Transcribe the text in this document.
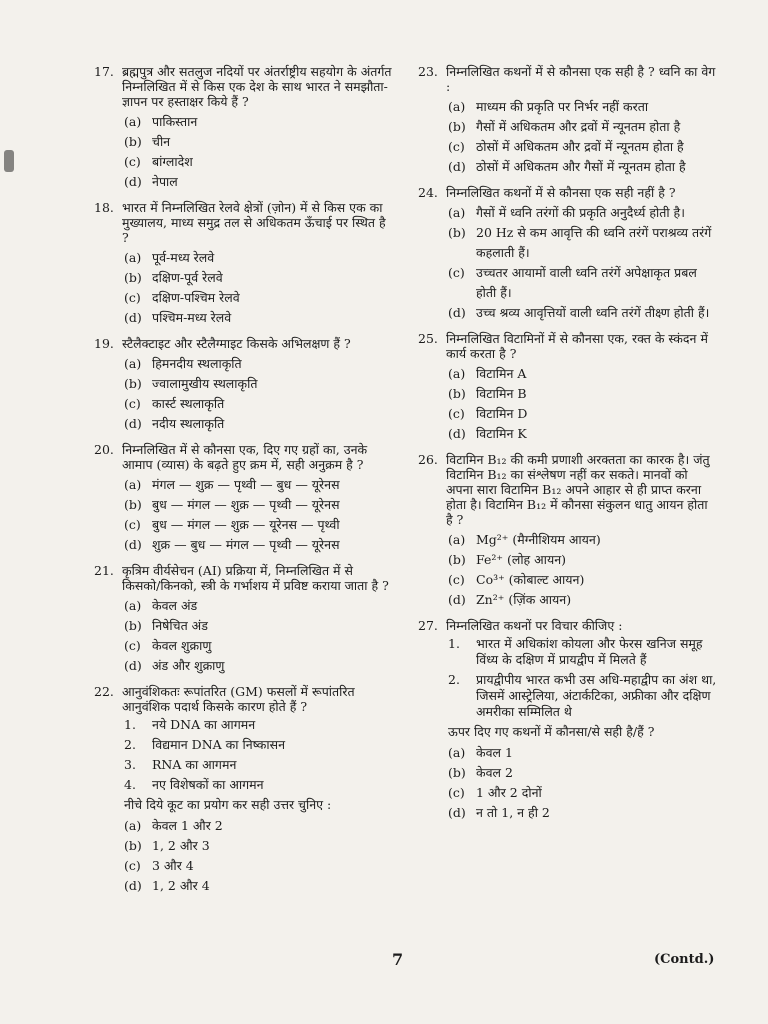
17. ब्रह्मपुत्र और सतलुज नदियों पर अंतर्राष्ट्रीय सहयोग के अंतर्गत निम्नलिखित में से किस एक देश के साथ भारत ने समझौता-ज्ञापन पर हस्ताक्षर किये हैं ?
(a) पाकिस्तान
(b) चीन
(c) बांग्लादेश
(d) नेपाल
18. भारत में निम्नलिखित रेलवे क्षेत्रों (ज़ोन) में से किस एक का मुख्यालय, माध्य समुद्र तल से अधिकतम ऊँचाई पर स्थित है ?
(a) पूर्व-मध्य रेलवे
(b) दक्षिण-पूर्व रेलवे
(c) दक्षिण-पश्चिम रेलवे
(d) पश्चिम-मध्य रेलवे
19. स्टैलैक्टाइट और स्टैलैग्माइट किसके अभिलक्षण हैं ?
(a) हिमनदीय स्थलाकृति
(b) ज्वालामुखीय स्थलाकृति
(c) कार्स्ट स्थलाकृति
(d) नदीय स्थलाकृति
20. निम्नलिखित में से कौनसा एक, दिए गए ग्रहों का, उनके आमाप (व्यास) के बढ़ते हुए क्रम में, सही अनुक्रम है ?
(a) मंगल — शुक्र — पृथ्वी — बुध — यूरेनस
(b) बुध — मंगल — शुक्र — पृथ्वी — यूरेनस
(c) बुध — मंगल — शुक्र — यूरेनस — पृथ्वी
(d) शुक्र — बुध — मंगल — पृथ्वी — यूरेनस
21. कृत्रिम वीर्यसेचन (AI) प्रक्रिया में, निम्नलिखित में से किसको/किनको, स्त्री के गर्भाशय में प्रविष्ट कराया जाता है ?
(a) केवल अंड
(b) निषेचित अंड
(c) केवल शुक्राणु
(d) अंड और शुक्राणु
22. आनुवंशिकतः रूपांतरित (GM) फसलों में रूपांतरित आनुवंशिक पदार्थ किसके कारण होते हैं ?
1.	नये DNA का आगमन
2.	विद्यमान DNA का निष्कासन
3.	RNA का आगमन
4.	नए विशेषकों का आगमन
नीचे दिये कूट का प्रयोग कर सही उत्तर चुनिए :
(a) केवल 1 और 2
(b) 1, 2 और 3
(c) 3 और 4
(d) 1, 2 और 4
23. निम्नलिखित कथनों में से कौनसा एक सही है ? ध्वनि का वेग :
(a) माध्यम की प्रकृति पर निर्भर नहीं करता
(b) गैसों में अधिकतम और द्रवों में न्यूनतम होता है
(c) ठोसों में अधिकतम और द्रवों में न्यूनतम होता है
(d) ठोसों में अधिकतम और गैसों में न्यूनतम होता है
24. निम्नलिखित कथनों में से कौनसा एक सही नहीं है ?
(a) गैसों में ध्वनि तरंगों की प्रकृति अनुदैर्ध्य होती है।
(b) 20 Hz से कम आवृत्ति की ध्वनि तरंगें पराश्रव्य तरंगें कहलाती हैं।
(c) उच्चतर आयामों वाली ध्वनि तरंगें अपेक्षाकृत प्रबल होती हैं।
(d) उच्च श्रव्य आवृत्तियों वाली ध्वनि तरंगें तीक्ष्ण होती हैं।
25. निम्नलिखित विटामिनों में से कौनसा एक, रक्त के स्कंदन में कार्य करता है ?
(a) विटामिन A
(b) विटामिन B
(c) विटामिन D
(d) विटामिन K
26. विटामिन B₁₂ की कमी प्रणाशी अरक्तता का कारक है। जंतु विटामिन B₁₂ का संश्लेषण नहीं कर सकते। मानवों को अपना सारा विटामिन B₁₂ अपने आहार से ही प्राप्त करना होता है। विटामिन B₁₂ में कौनसा संकुलन धातु आयन होता है ?
(a) Mg²⁺ (मैग्नीशियम आयन)
(b) Fe²⁺ (लोह आयन)
(c) Co³⁺ (कोबाल्ट आयन)
(d) Zn²⁺ (ज़िंक आयन)
27. निम्नलिखित कथनों पर विचार कीजिए :
1.	भारत में अधिकांश कोयला और फेरस खनिज समूह विंध्य के दक्षिण में प्रायद्वीप में मिलते हैं
2.	प्रायद्वीपीय भारत कभी उस अधि-महाद्वीप का अंश था, जिसमें आस्ट्रेलिया, अंटार्कटिका, अफ्रीका और दक्षिण अमरीका सम्मिलित थे
ऊपर दिए गए कथनों में कौनसा/से सही है/हैं ?
(a) केवल 1
(b) केवल 2
(c) 1 और 2 दोनों
(d) न तो 1, न ही 2
7	(Contd.)
